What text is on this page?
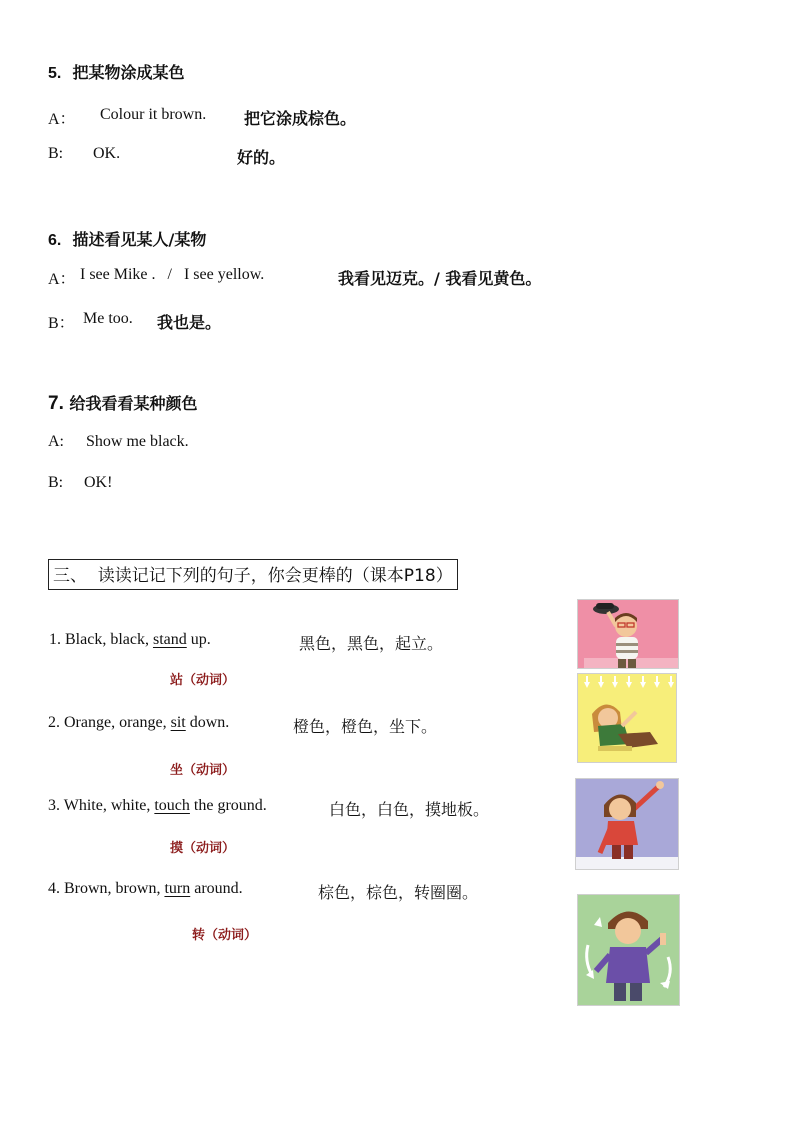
5. 把某物涂成某色
A： Colour it brown. 把它涂成棕色。
B: OK.	好的。
6. 描述看见某人/某物
A： I see Mike .   /   I see yellow.	我看见迈克。/ 我看见黄色。
B： Me too. 我也是。
7. 给我看看某种颜色
A: Show me black.
B: OK!
三、  读读记记下列的句子，你会更棒的（课本P18）
1. Black, black, stand up.	黑色，黑色，起立。
站（动词）
2. Orange, orange, sit down.	橙色，橙色，坐下。
坐（动词）
3. White, white, touch the ground.	白色，白色，摸地板。
摸（动词）
4. Brown, brown, turn around.	棕色，棕色，转圈圈。
转（动词）
